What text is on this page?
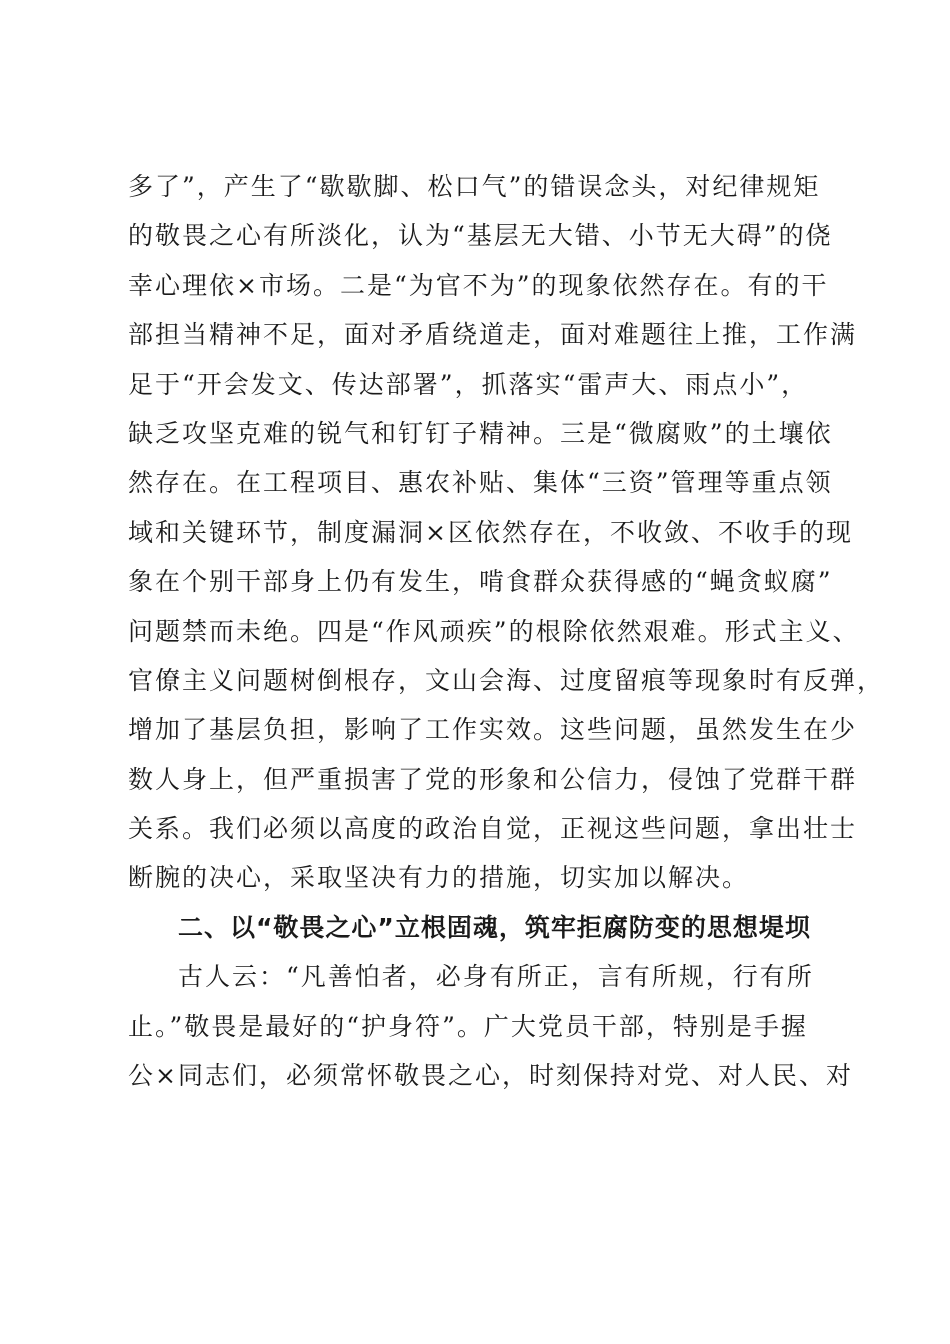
多了”，产生了“歇歇脚、松口气”的错误念头，对纪律规矩
的敬畏之心有所淡化，认为“基层无大错、小节无大碍”的侥
幸心理依×市场。二是“为官不为”的现象依然存在。有的干
部担当精神不足，面对矛盾绕道走，面对难题往上推，工作满
足于“开会发文、传达部署”，抓落实“雷声大、雨点小”，
缺乏攻坚克难的锐气和钉钉子精神。三是“微腐败”的土壤依
然存在。在工程项目、惠农补贴、集体“三资”管理等重点领
域和关键环节，制度漏洞×区依然存在，不收敛、不收手的现
象在个别干部身上仍有发生，啃食群众获得感的“蝇贪蚁腐”
问题禁而未绝。四是“作风顽疾”的根除依然艰难。形式主义、
官僚主义问题树倒根存，文山会海、过度留痕等现象时有反弹，
增加了基层负担，影响了工作实效。这些问题，虽然发生在少
数人身上，但严重损害了党的形象和公信力，侵蚀了党群干群
关系。我们必须以高度的政治自觉，正视这些问题，拿出壮士
断腕的决心，采取坚决有力的措施，切实加以解决。
二、以“敬畏之心”立根固魂，筑牢拒腐防变的思想堤坝
古人云：“凡善怕者，必身有所正，言有所规，行有所
止。”敬畏是最好的“护身符”。广大党员干部，特别是手握
公×同志们，必须常怀敬畏之心，时刻保持对党、对人民、对
